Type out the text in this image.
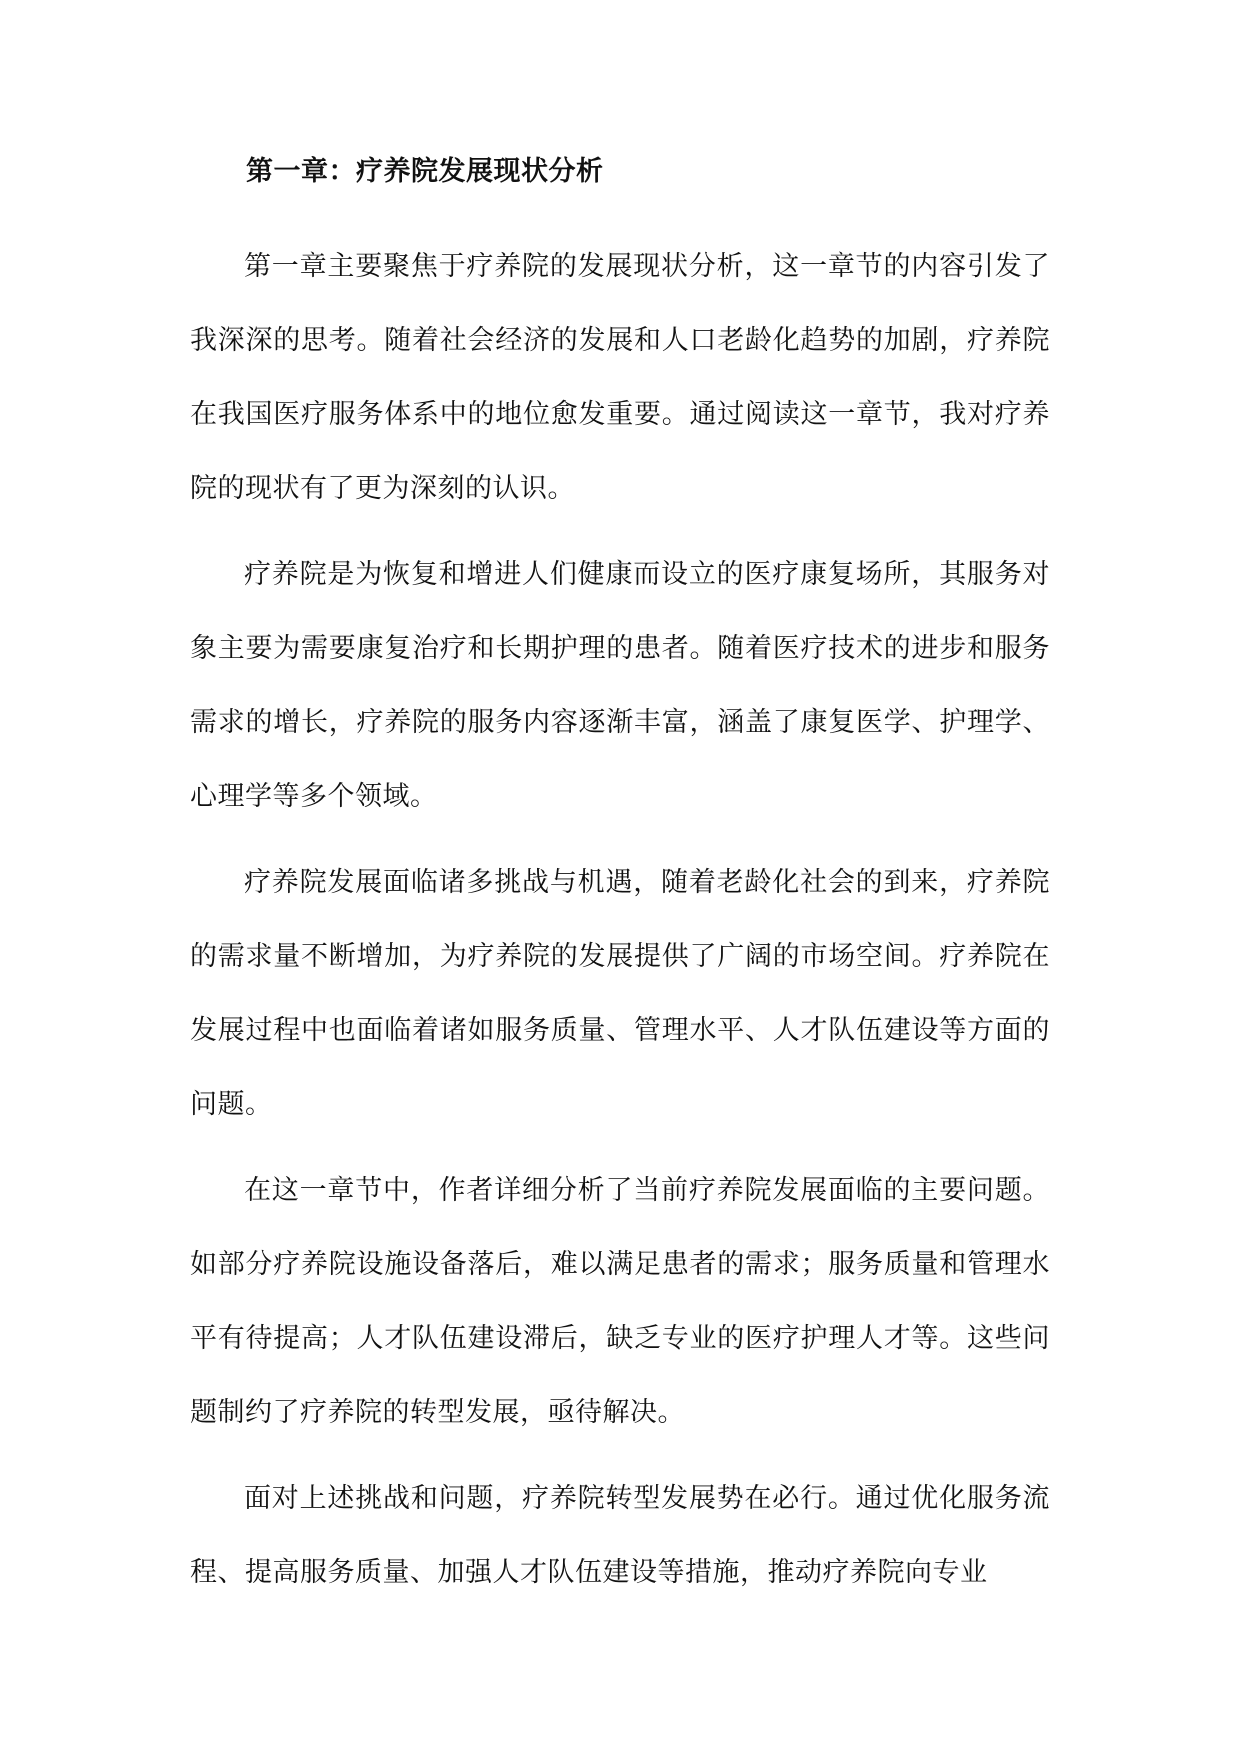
第一章：疗养院发展现状分析

第一章主要聚焦于疗养院的发展现状分析，这一章节的内容引发了我深深的思考。随着社会经济的发展和人口老龄化趋势的加剧，疗养院在我国医疗服务体系中的地位愈发重要。通过阅读这一章节，我对疗养院的现状有了更为深刻的认识。

疗养院是为恢复和增进人们健康而设立的医疗康复场所，其服务对象主要为需要康复治疗和长期护理的患者。随着医疗技术的进步和服务需求的增长，疗养院的服务内容逐渐丰富，涵盖了康复医学、护理学、心理学等多个领域。

疗养院发展面临诸多挑战与机遇，随着老龄化社会的到来，疗养院的需求量不断增加，为疗养院的发展提供了广阔的市场空间。疗养院在发展过程中也面临着诸如服务质量、管理水平、人才队伍建设等方面的问题。

在这一章节中，作者详细分析了当前疗养院发展面临的主要问题。如部分疗养院设施设备落后，难以满足患者的需求；服务质量和管理水平有待提高；人才队伍建设滞后，缺乏专业的医疗护理人才等。这些问题制约了疗养院的转型发展，亟待解决。

面对上述挑战和问题，疗养院转型发展势在必行。通过优化服务流程、提高服务质量、加强人才队伍建设等措施，推动疗养院向专业
